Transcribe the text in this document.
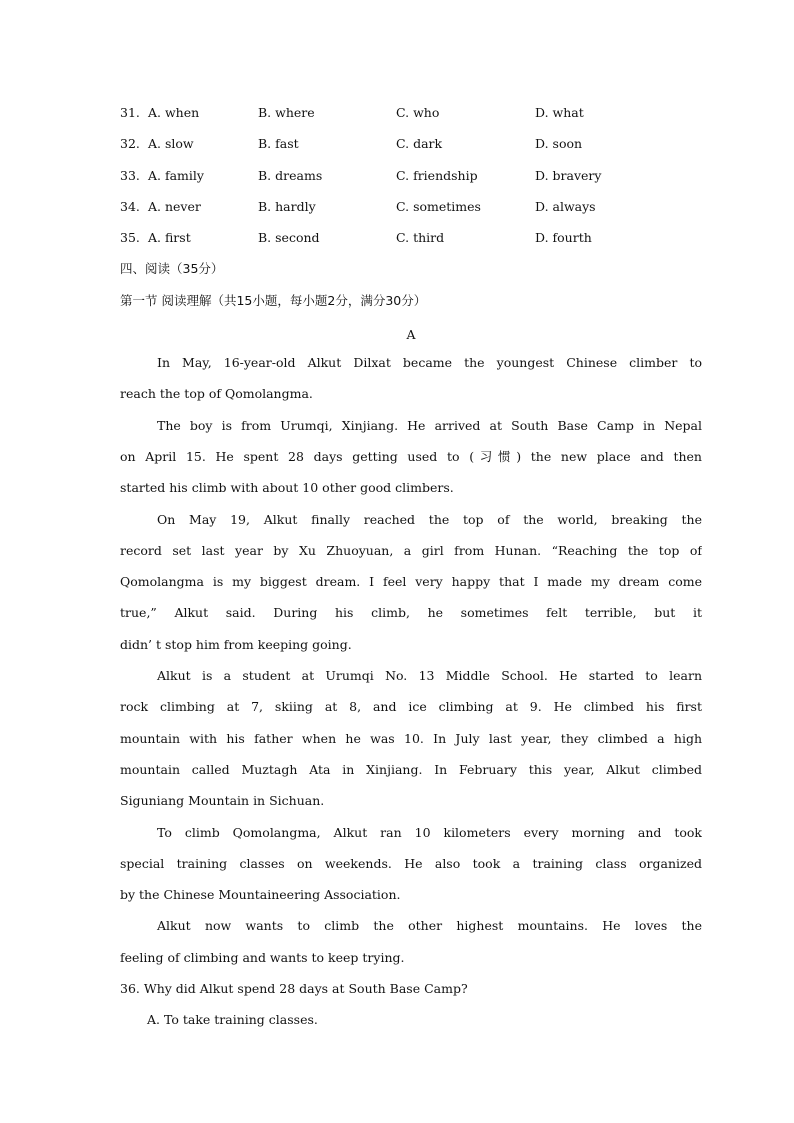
31. A. when	B. where	C. who	D. what
32. A. slow	B. fast	C. dark	D. soon
33. A. family	B. dreams	C. friendship	D. bravery
34. A. never	B. hardly	C. sometimes	D. always
35. A. first	B. second	C. third	D. fourth
四、阅读（35分）
第一节 阅读理解（共15小题，每小题2分，满分30分）
A
In May, 16-year-old Alkut Dilxat became the youngest Chinese climber to
reach the top of Qomolangma.
The boy is from Urumqi, Xinjiang. He arrived at South Base Camp in Nepal
on April 15. He spent 28 days getting used to (习惯) the new place and then
started his climb with about 10 other good climbers.
On May 19, Alkut finally reached the top of the world, breaking the
record set last year by Xu Zhuoyuan, a girl from Hunan. “Reaching the top of
Qomolangma is my biggest dream. I feel very happy that I made my dream come
true,” Alkut said. During his climb, he sometimes felt terrible, but it
didn’ t stop him from keeping going.
Alkut is a student at Urumqi No. 13 Middle School. He started to learn
rock climbing at 7, skiing at 8, and ice climbing at 9. He climbed his first
mountain with his father when he was 10. In July last year, they climbed a high
mountain called Muztagh Ata in Xinjiang. In February this year, Alkut climbed
Siguniang Mountain in Sichuan.
To climb Qomolangma, Alkut ran 10 kilometers every morning and took
special training classes on weekends. He also took a training class organized
by the Chinese Mountaineering Association.
Alkut now wants to climb the other highest mountains. He loves the
feeling of climbing and wants to keep trying.
36. Why did Alkut spend 28 days at South Base Camp?
A. To take training classes.
